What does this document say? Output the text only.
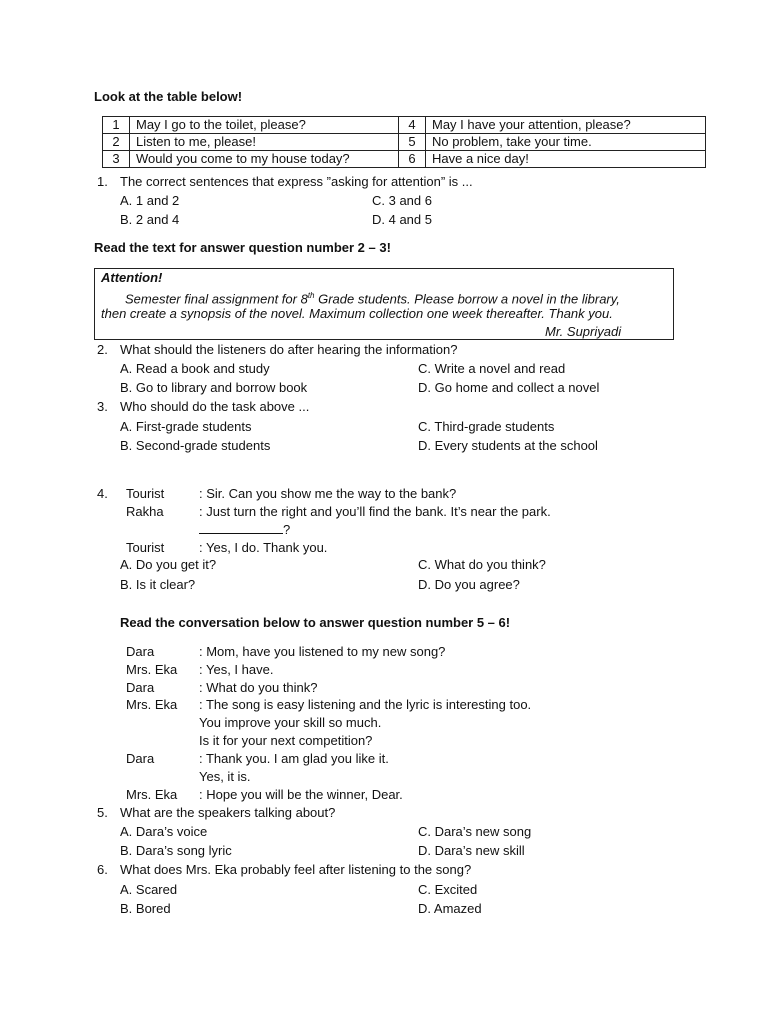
Look at the table below!
1	May I go to the toilet, please?	4	May I have your attention, please?
2	Listen to me, please!	5	No problem, take your time.
3	Would you come to my house today?	6	Have a nice day!
1. The correct sentences that express ”asking for attention” is ...
A. 1 and 2	C. 3 and 6
B. 2 and 4	D. 4 and 5
Read the text for answer question number 2 – 3!
Attention!
Semester final assignment for 8th Grade students. Please borrow a novel in the library,
then create a synopsis of the novel. Maximum collection one week thereafter. Thank you.
Mr. Supriyadi
2. What should the listeners do after hearing the information?
A. Read a book and study	C. Write a novel and read
B. Go to library and borrow book	D. Go home and collect a novel
3. Who should do the task above ...
A. First-grade students	C. Third-grade students
B. Second-grade students	D. Every students at the school
4. Tourist	: Sir. Can you show me the way to the bank?
Rakha	: Just turn the right and you’ll find the bank. It’s near the park.
?
Tourist	: Yes, I do. Thank you.
A. Do you get it?	C. What do you think?
B. Is it clear?	D. Do you agree?
Read the conversation below to answer question number 5 – 6!
Dara	: Mom, have you listened to my new song?
Mrs. Eka : Yes, I have.
Dara	: What do you think?
Mrs. Eka : The song is easy listening and the lyric is interesting too.
You improve your skill so much.
Is it for your next competition?
Dara	: Thank you. I am glad you like it.
Yes, it is.
Mrs. Eka : Hope you will be the winner, Dear.
5. What are the speakers talking about?
A. Dara’s voice	C. Dara’s new song
B. Dara’s song lyric	D. Dara’s new skill
6. What does Mrs. Eka probably feel after listening to the song?
A. Scared	C. Excited
B. Bored	D. Amazed
